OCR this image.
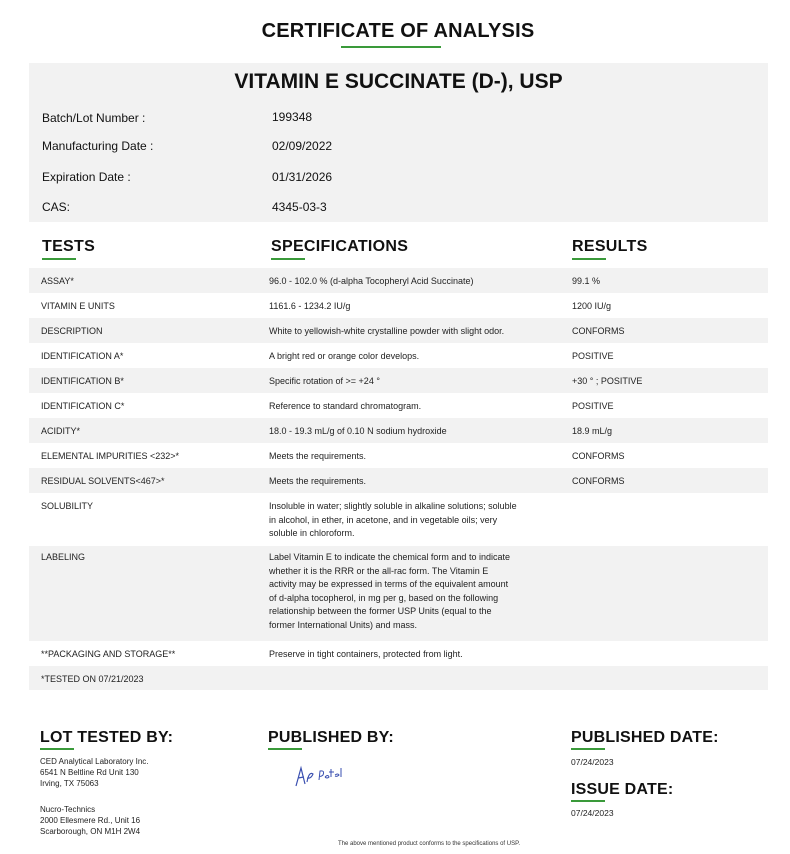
CERTIFICATE OF ANALYSIS
VITAMIN E SUCCINATE (D-), USP
Batch/Lot Number :	199348
Manufacturing Date :	02/09/2022
Expiration Date :	01/31/2026
CAS:	4345-03-3
TESTS	SPECIFICATIONS	RESULTS
ASSAY*	96.0 - 102.0 % (d-alpha Tocopheryl Acid Succinate)	99.1 %
VITAMIN E UNITS	1161.6 - 1234.2 IU/g	1200 IU/g
DESCRIPTION	White to yellowish-white crystalline powder with slight odor.	CONFORMS
IDENTIFICATION A*	A bright red or orange color develops.	POSITIVE
IDENTIFICATION B*	Specific rotation of >= +24 °	+30 ° ; POSITIVE
IDENTIFICATION C*	Reference to standard chromatogram.	POSITIVE
ACIDITY*	18.0 - 19.3 mL/g of 0.10 N sodium hydroxide	18.9 mL/g
ELEMENTAL IMPURITIES <232>*	Meets the requirements.	CONFORMS
RESIDUAL SOLVENTS<467>*	Meets the requirements.	CONFORMS
SOLUBILITY	Insoluble in water; slightly soluble in alkaline solutions; soluble
in alcohol, in ether, in acetone, and in vegetable oils; very
soluble in chloroform.
LABELING	Label Vitamin E to indicate the chemical form and to indicate
whether it is the RRR or the all-rac form. The Vitamin E
activity may be expressed in terms of the equivalent amount
of d-alpha tocopherol, in mg per g, based on the following
relationship between the former USP Units (equal to the
former International Units) and mass.
**PACKAGING AND STORAGE**	Preserve in tight containers, protected from light.
*TESTED ON 07/21/2023
LOT TESTED BY:
CED Analytical Laboratory Inc.
6541 N Beltline Rd Unit 130
Irving, TX 75063
Nucro-Technics
2000 Ellesmere Rd., Unit 16
Scarborough, ON M1H 2W4
PUBLISHED BY:	PUBLISHED DATE:
07/24/2023
ISSUE DATE:
07/24/2023
The above mentioned product conforms to the specifications of USP.
